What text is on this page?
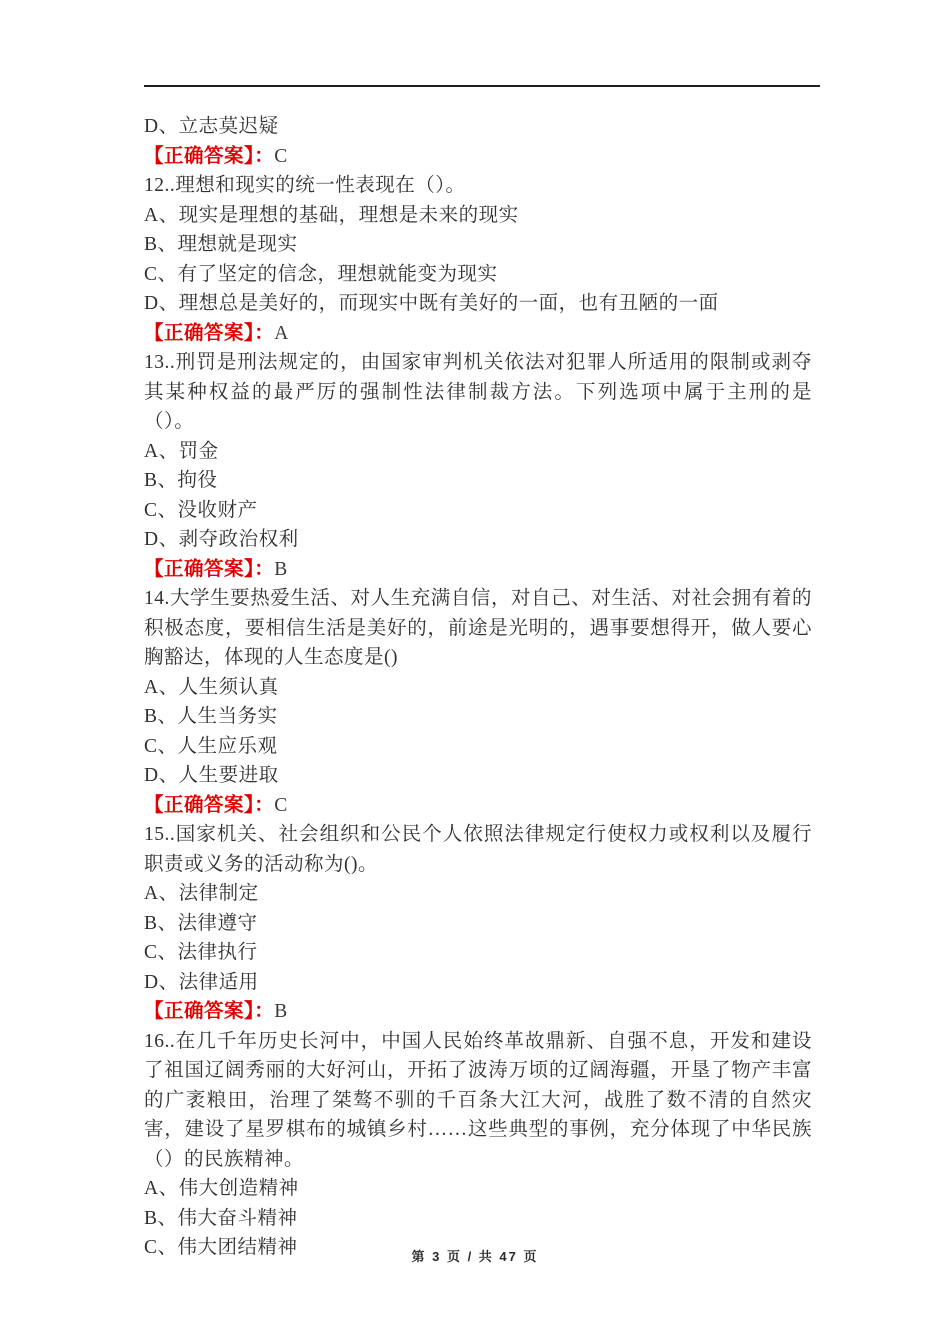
D、立志莫迟疑

【正确答案】：C

12..理想和现实的统一性表现在（）。

A、现实是理想的基础，理想是未来的现实

B、理想就是现实

C、有了坚定的信念，理想就能变为现实

D、理想总是美好的，而现实中既有美好的一面，也有丑陋的一面

【正确答案】：A

13..刑罚是刑法规定的，由国家审判机关依法对犯罪人所适用的限制或剥夺其某种权益的最严厉的强制性法律制裁方法。下列选项中属于主刑的是（）。

A、罚金

B、拘役

C、没收财产

D、剥夺政治权利

【正确答案】：B

14.大学生要热爱生活、对人生充满自信，对自己、对生活、对社会拥有着的积极态度，要相信生活是美好的，前途是光明的，遇事要想得开，做人要心胸豁达，体现的人生态度是()

A、人生须认真

B、人生当务实

C、人生应乐观

D、人生要进取

【正确答案】：C

15..国家机关、社会组织和公民个人依照法律规定行使权力或权利以及履行职责或义务的活动称为()。

A、法律制定

B、法律遵守

C、法律执行

D、法律适用

【正确答案】：B

16..在几千年历史长河中，中国人民始终革故鼎新、自强不息，开发和建设了祖国辽阔秀丽的大好河山，开拓了波涛万顷的辽阔海疆，开垦了物产丰富的广袤粮田，治理了桀骜不驯的千百条大江大河，战胜了数不清的自然灾害，建设了星罗棋布的城镇乡村……这些典型的事例，充分体现了中华民族（）的民族精神。

A、伟大创造精神

B、伟大奋斗精神

C、伟大团结精神	第 3 页 / 共 47 页
